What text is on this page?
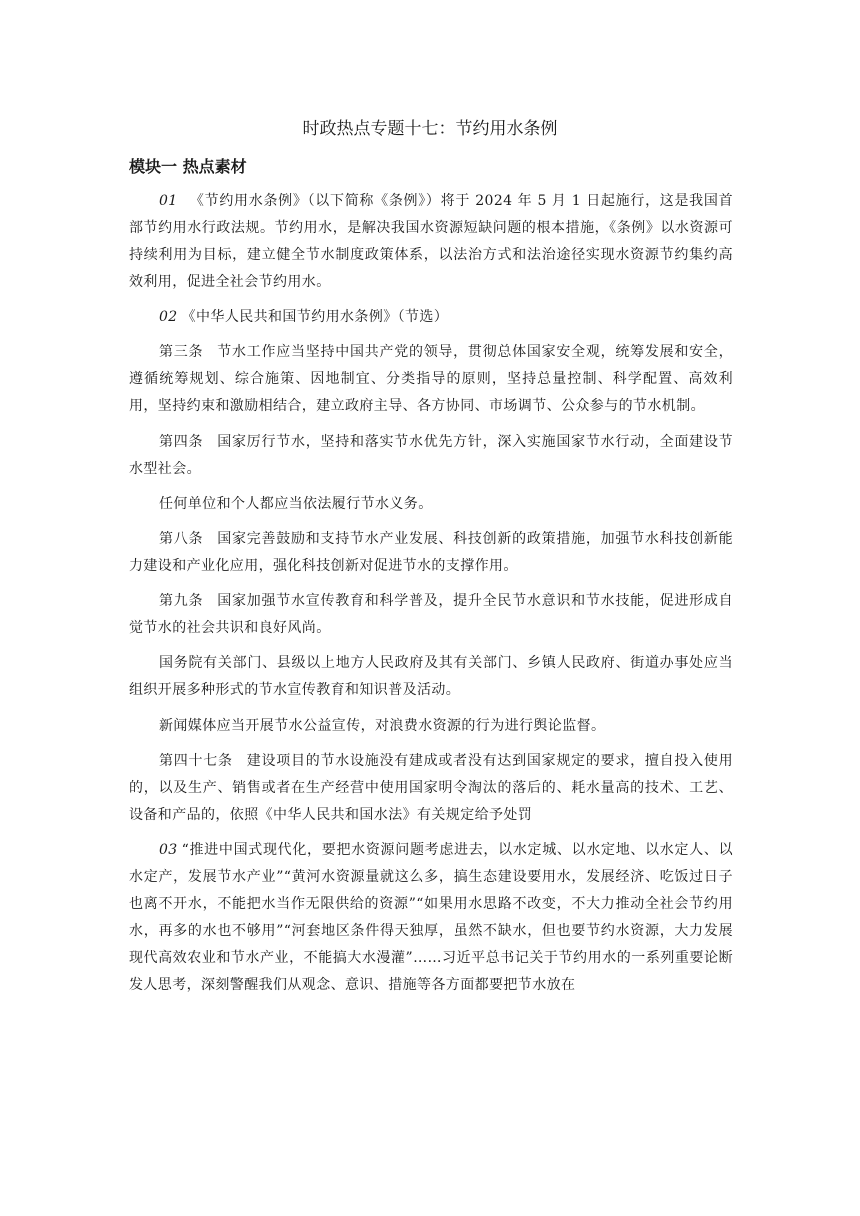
时政热点专题十七：节约用水条例
模块一 热点素材

01 《节约用水条例》（以下简称《条例》）将于 2024 年 5 月 1 日起施行，这是我国首部节约用水行政法规。节约用水，是解决我国水资源短缺问题的根本措施，《条例》以水资源可持续利用为目标，建立健全节水制度政策体系，以法治方式和法治途径实现水资源节约集约高效利用，促进全社会节约用水。

02 《中华人民共和国节约用水条例》（节选）

第三条 节水工作应当坚持中国共产党的领导，贯彻总体国家安全观，统筹发展和安全，遵循统筹规划、综合施策、因地制宜、分类指导的原则，坚持总量控制、科学配置、高效利用，坚持约束和激励相结合，建立政府主导、各方协同、市场调节、公众参与的节水机制。

第四条 国家厉行节水，坚持和落实节水优先方针，深入实施国家节水行动，全面建设节水型社会。

任何单位和个人都应当依法履行节水义务。

第八条 国家完善鼓励和支持节水产业发展、科技创新的政策措施，加强节水科技创新能力建设和产业化应用，强化科技创新对促进节水的支撑作用。

第九条 国家加强节水宣传教育和科学普及，提升全民节水意识和节水技能，促进形成自觉节水的社会共识和良好风尚。

国务院有关部门、县级以上地方人民政府及其有关部门、乡镇人民政府、街道办事处应当组织开展多种形式的节水宣传教育和知识普及活动。

新闻媒体应当开展节水公益宣传，对浪费水资源的行为进行舆论监督。

第四十七条 建设项目的节水设施没有建成或者没有达到国家规定的要求，擅自投入使用的，以及生产、销售或者在生产经营中使用国家明令淘汰的落后的、耗水量高的技术、工艺、设备和产品的，依照《中华人民共和国水法》有关规定给予处罚

03 “推进中国式现代化，要把水资源问题考虑进去，以水定城、以水定地、以水定人、以水定产，发展节水产业”“黄河水资源量就这么多，搞生态建设要用水，发展经济、吃饭过日子也离不开水，不能把水当作无限供给的资源”“如果用水思路不改变，不大力推动全社会节约用水，再多的水也不够用”“河套地区条件得天独厚，虽然不缺水，但也要节约水资源，大力发展现代高效农业和节水产业，不能搞大水漫灌”……习近平总书记关于节约用水的一系列重要论断发人思考，深刻警醒我们从观念、意识、措施等各方面都要把节水放在
